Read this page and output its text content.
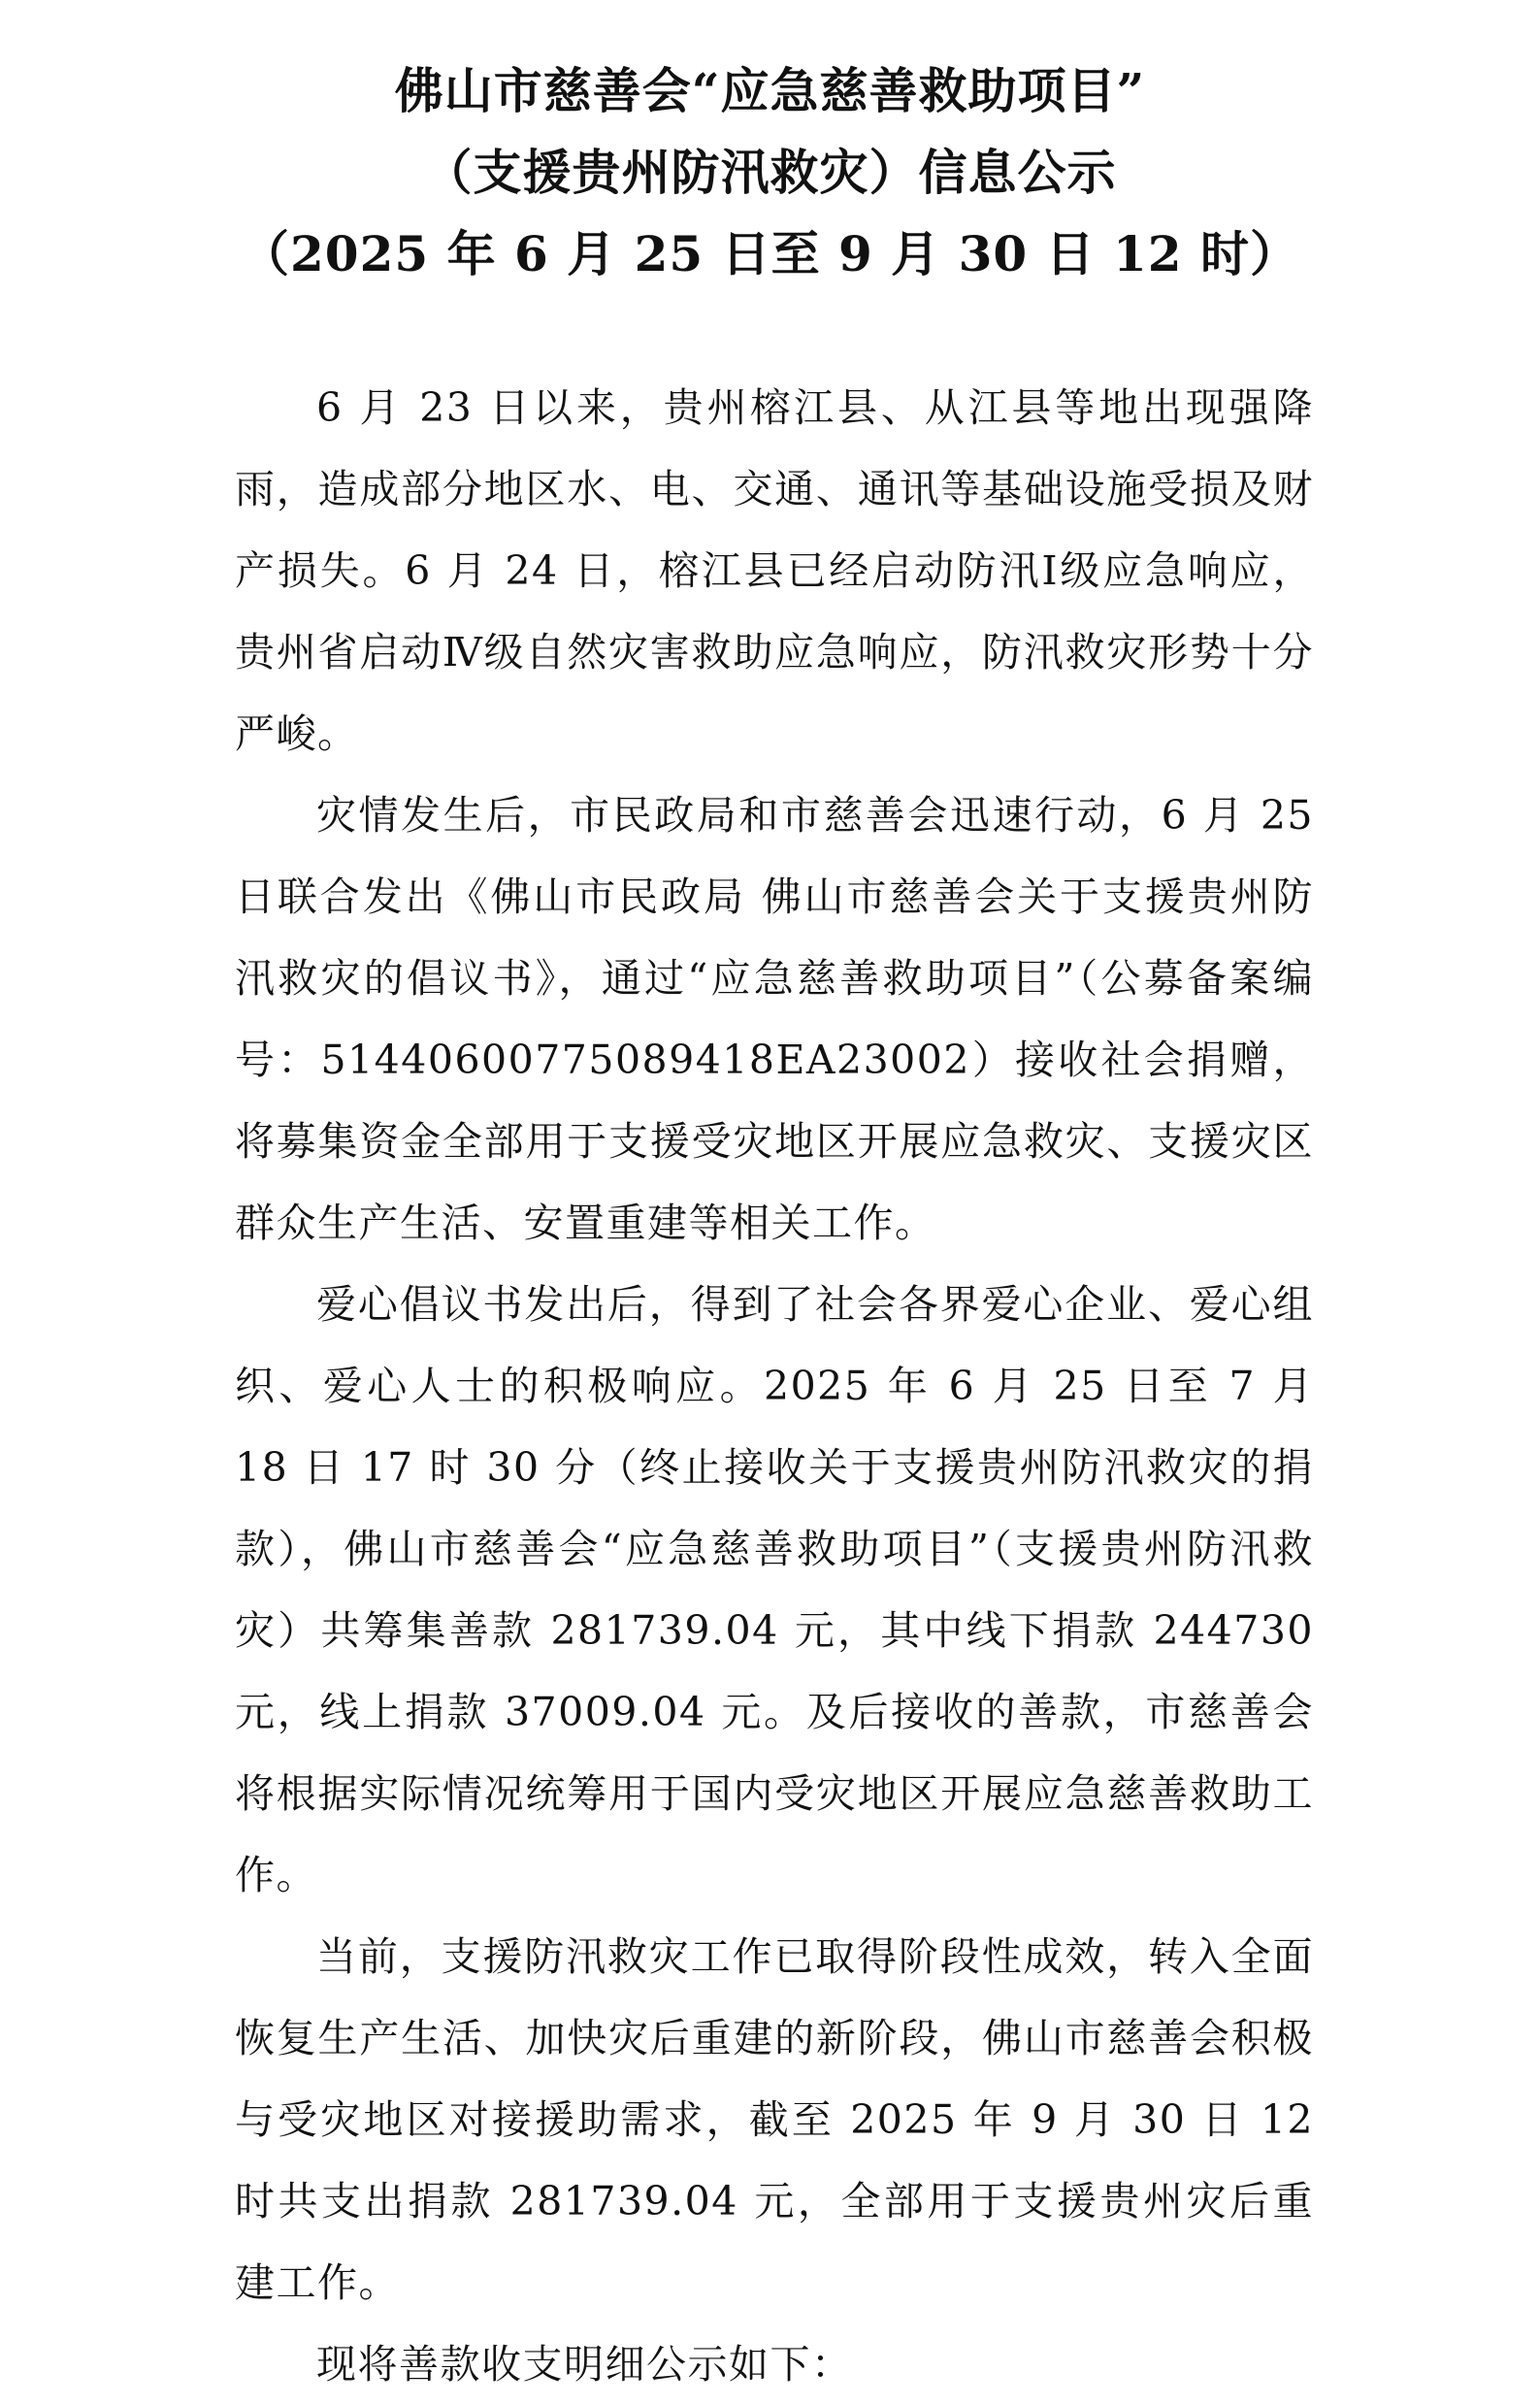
佛山市慈善会“应急慈善救助项目”
（支援贵州防汛救灾）信息公示
（2025 年 6 月 25 日至 9 月 30 日 12 时）

6 月 23 日以来，贵州榕江县、从江县等地出现强降雨，造成部分地区水、电、交通、通讯等基础设施受损及财产损失。6 月 24 日，榕江县已经启动防汛Ⅰ级应急响应，贵州省启动Ⅳ级自然灾害救助应急响应，防汛救灾形势十分严峻。

灾情发生后，市民政局和市慈善会迅速行动，6 月 25 日联合发出《佛山市民政局 佛山市慈善会关于支援贵州防汛救灾的倡议书》，通过“应急慈善救助项目”（公募备案编号：51440600775089418EA23002）接收社会捐赠，将募集资金全部用于支援受灾地区开展应急救灾、支援灾区群众生产生活、安置重建等相关工作。

爱心倡议书发出后，得到了社会各界爱心企业、爱心组织、爱心人士的积极响应。2025 年 6 月 25 日至 7 月 18 日 17 时 30 分（终止接收关于支援贵州防汛救灾的捐款），佛山市慈善会“应急慈善救助项目”（支援贵州防汛救灾）共筹集善款 281739.04 元，其中线下捐款 244730 元，线上捐款 37009.04 元。及后接收的善款，市慈善会将根据实际情况统筹用于国内受灾地区开展应急慈善救助工作。

当前，支援防汛救灾工作已取得阶段性成效，转入全面恢复生产生活、加快灾后重建的新阶段，佛山市慈善会积极与受灾地区对接援助需求，截至 2025 年 9 月 30 日 12 时共支出捐款 281739.04 元，全部用于支援贵州灾后重建工作。

现将善款收支明细公示如下：
